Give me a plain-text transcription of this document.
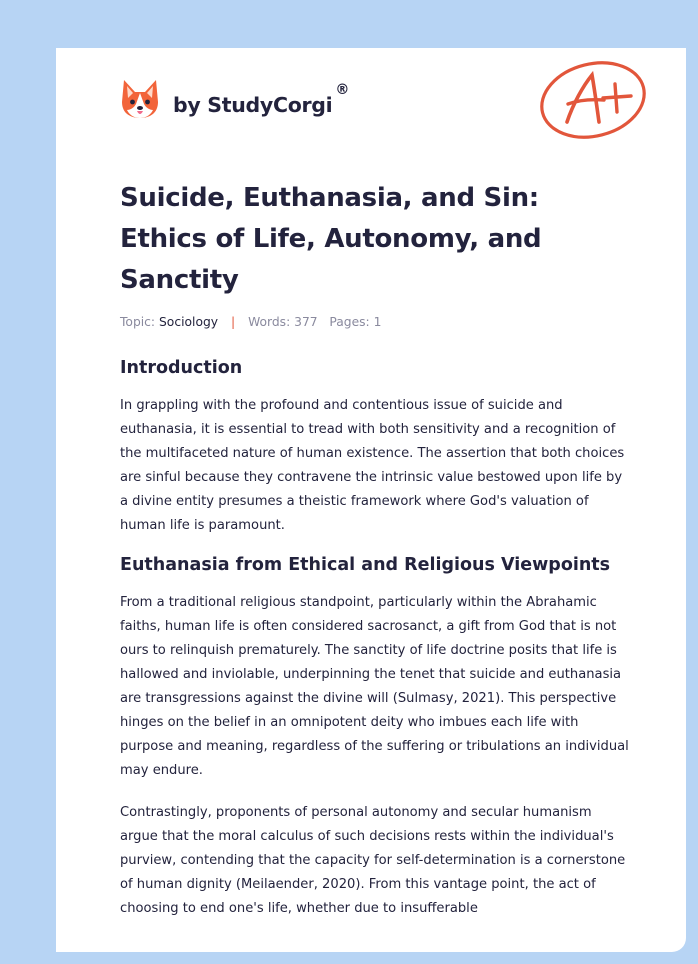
by StudyCorgi
®
Suicide, Euthanasia, and Sin: Ethics of Life, Autonomy, and Sanctity
Topic: Sociology | Words: 377 Pages: 1
Introduction

In grappling with the profound and contentious issue of suicide and euthanasia, it is essential to tread with both sensitivity and a recognition of the multifaceted nature of human existence. The assertion that both choices are sinful because they contravene the intrinsic value bestowed upon life by a divine entity presumes a theistic framework where God's valuation of human life is paramount.

Euthanasia from Ethical and Religious Viewpoints

From a traditional religious standpoint, particularly within the Abrahamic faiths, human life is often considered sacrosanct, a gift from God that is not ours to relinquish prematurely. The sanctity of life doctrine posits that life is hallowed and inviolable, underpinning the tenet that suicide and euthanasia are transgressions against the divine will (Sulmasy, 2021). This perspective hinges on the belief in an omnipotent deity who imbues each life with purpose and meaning, regardless of the suffering or tribulations an individual may endure.

Contrastingly, proponents of personal autonomy and secular humanism argue that the moral calculus of such decisions rests within the individual's purview, contending that the capacity for self-determination is a cornerstone of human dignity (Meilaender, 2020). From this vantage point, the act of choosing to end one's life, whether due to insufferable
